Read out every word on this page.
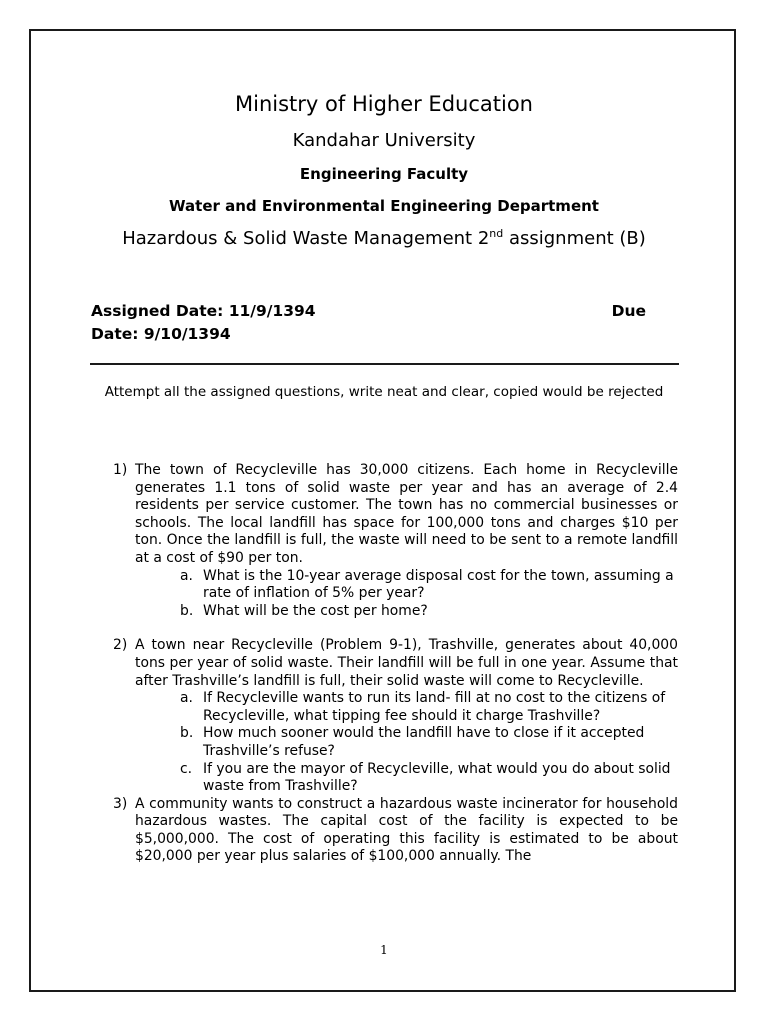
Ministry of Higher Education
Kandahar University
Engineering Faculty
Water and Environmental Engineering Department
Hazardous & Solid Waste Management 2nd assignment (B)
Assigned Date: 11/9/1394	Due
Date: 9/10/1394
Attempt all the assigned questions, write neat and clear, copied would be rejected
1) The town of Recycleville has 30,000 citizens. Each home in Recycleville generates 1.1 tons of solid waste per year and has an average of 2.4 residents per service customer. The town has no commercial businesses or schools. The local landfill has space for 100,000 tons and charges $10 per ton. Once the landfill is full, the waste will need to be sent to a remote landfill at a cost of $90 per ton.
a. What is the 10-year average disposal cost for the town, assuming a rate of inflation of 5% per year?
b. What will be the cost per home?
2) A town near Recycleville (Problem 9-1), Trashville, generates about 40,000 tons per year of solid waste. Their landfill will be full in one year. Assume that after Trashville’s landfill is full, their solid waste will come to Recycleville.
a. If Recycleville wants to run its land- fill at no cost to the citizens of Recycleville, what tipping fee should it charge Trashville?
b. How much sooner would the landfill have to close if it accepted Trashville’s refuse?
c. If you are the mayor of Recycleville, what would you do about solid waste from Trashville?
3) A community wants to construct a hazardous waste incinerator for household hazardous wastes. The capital cost of the facility is expected to be $5,000,000. The cost of operating this facility is estimated to be about $20,000 per year plus salaries of $100,000 annually. The
1
